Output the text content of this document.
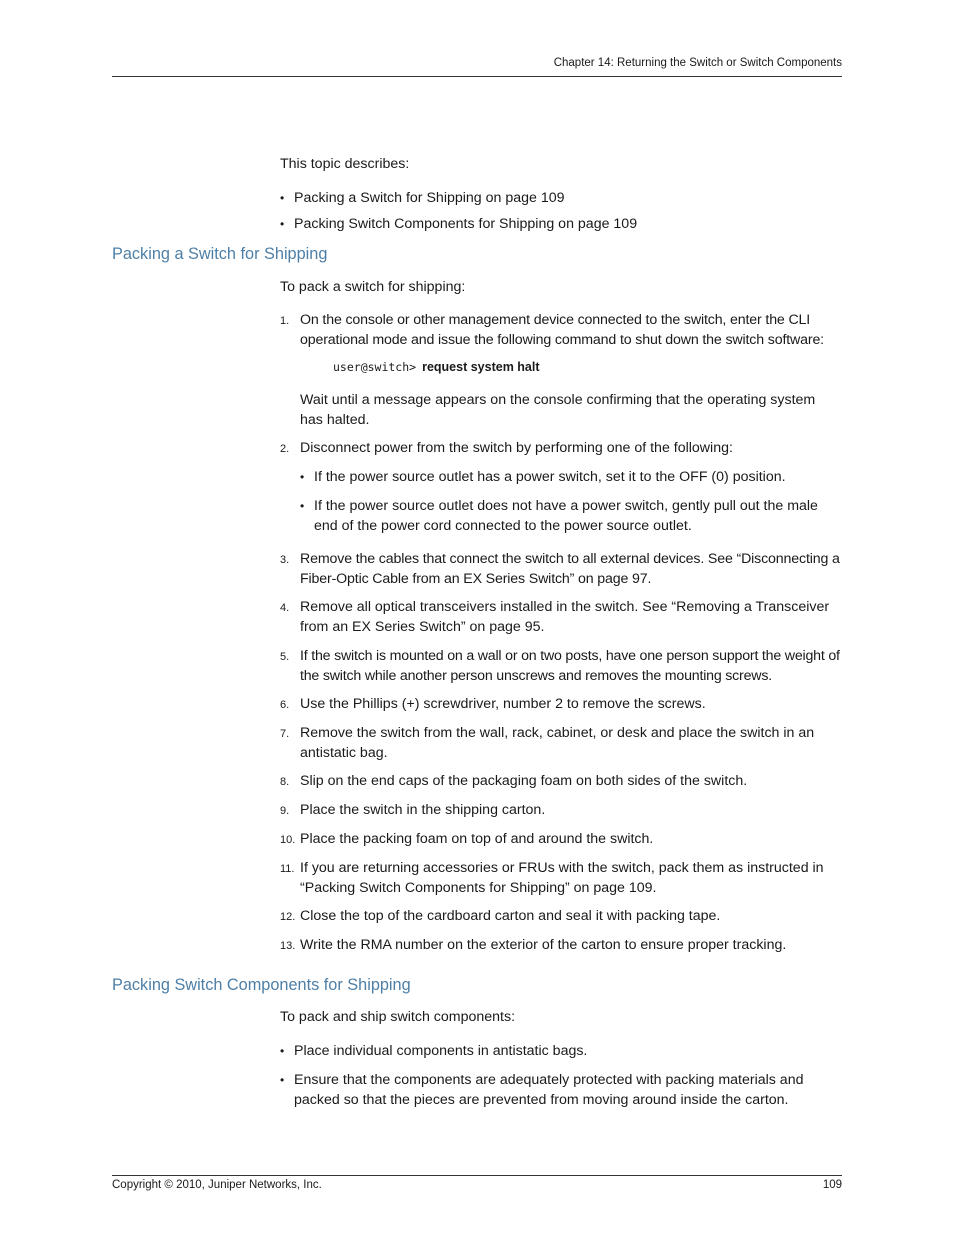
Chapter 14: Returning the Switch or Switch Components
This topic describes:
• Packing a Switch for Shipping on page 109
• Packing Switch Components for Shipping on page 109
Packing a Switch for Shipping
To pack a switch for shipping:
1. On the console or other management device connected to the switch, enter the CLI operational mode and issue the following command to shut down the switch software:
user@switch> request system halt
Wait until a message appears on the console confirming that the operating system has halted.
2. Disconnect power from the switch by performing one of the following:
• If the power source outlet has a power switch, set it to the OFF (0) position.
• If the power source outlet does not have a power switch, gently pull out the male end of the power cord connected to the power source outlet.
3. Remove the cables that connect the switch to all external devices. See “Disconnecting a Fiber-Optic Cable from an EX Series Switch” on page 97.
4. Remove all optical transceivers installed in the switch. See “Removing a Transceiver from an EX Series Switch” on page 95.
5. If the switch is mounted on a wall or on two posts, have one person support the weight of the switch while another person unscrews and removes the mounting screws.
6. Use the Phillips (+) screwdriver, number 2 to remove the screws.
7. Remove the switch from the wall, rack, cabinet, or desk and place the switch in an antistatic bag.
8. Slip on the end caps of the packaging foam on both sides of the switch.
9. Place the switch in the shipping carton.
10. Place the packing foam on top of and around the switch.
11. If you are returning accessories or FRUs with the switch, pack them as instructed in “Packing Switch Components for Shipping” on page 109.
12. Close the top of the cardboard carton and seal it with packing tape.
13. Write the RMA number on the exterior of the carton to ensure proper tracking.
Packing Switch Components for Shipping
To pack and ship switch components:
• Place individual components in antistatic bags.
• Ensure that the components are adequately protected with packing materials and packed so that the pieces are prevented from moving around inside the carton.
Copyright © 2010, Juniper Networks, Inc.	109
